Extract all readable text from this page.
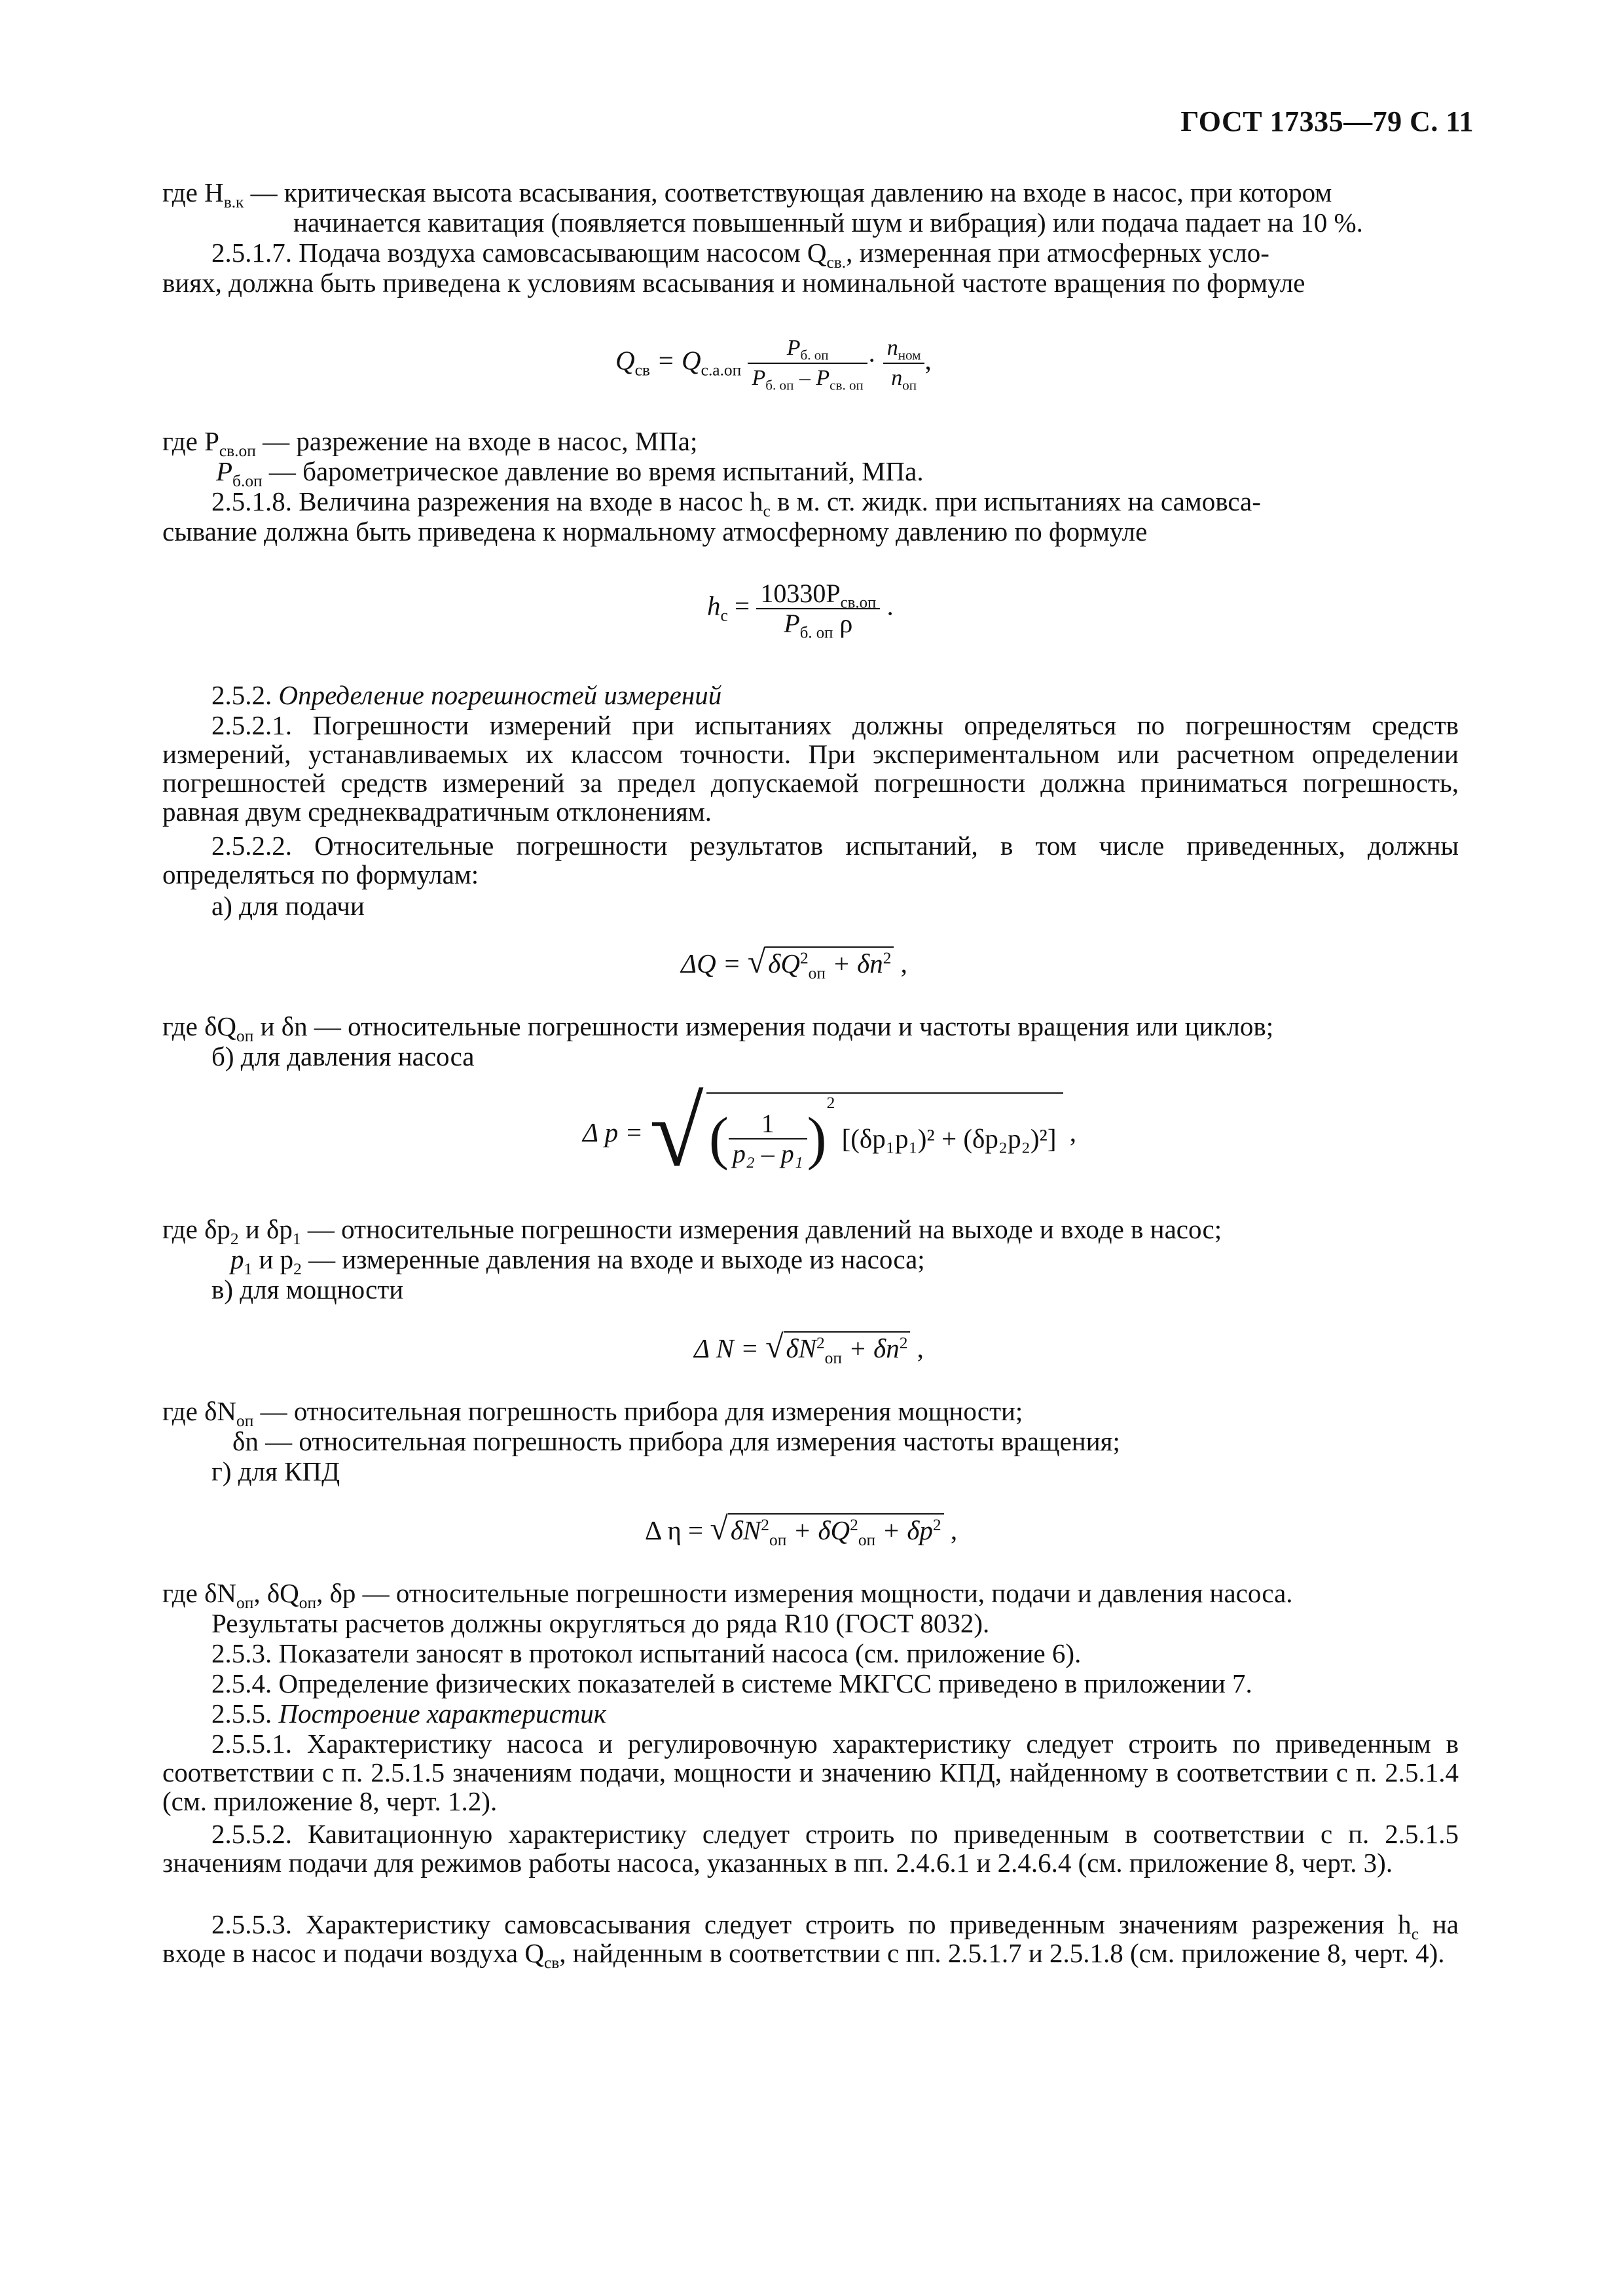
ГОСТ 17335—79 С. 11
где $H_{в.к}$ — критическая высота всасывания, соответствующая давлению на входе в насос, при котором
начинается кавитация (появляется повышенный шум и вибрация) или подача падает на 10 %.
2.5.1.7. Подача воздуха самовсасывающим насосом $Q_{св.}$, измеренная при атмосферных усло-
виях, должна быть приведена к условиям всасывания и номинальной частоте вращения по формуле
$Q_{св} = Q_{с.а.оп} \frac{P_{б. оп}}{P_{б. оп} - P_{св. оп}} \cdot \frac{n_{ном}}{n_{оп}}$ ,
где $P_{св.оп}$ — разрежение на входе в насос, МПа;
$P_{б.оп}$ — барометрическое давление во время испытаний, МПа.
2.5.1.8. Величина разрежения на входе в насос $h_с$ в м. ст. жидк. при испытаниях на самовса-
сывание должна быть приведена к нормальному атмосферному давлению по формуле
$h_с = \frac{10330P_{св.оп}}{P_{б. оп} \rho}$ .
2.5.2. Определение погрешностей измерений
2.5.2.1. Погрешности измерений при испытаниях должны определяться по погрешностям средств измерений, устанавливаемых их классом точности. При экспериментальном или расчетном определении погрешностей средств измерений за предел допускаемой погрешности должна приниматься погрешность, равная двум среднеквадратичным отклонениям.
2.5.2.2. Относительные погрешности результатов испытаний, в том числе приведенных, должны определяться по формулам:
а) для подачи
$\Delta Q = √\delta Q^2_{оп} + \delta n^2$ ,
где $\delta Q_{оп}$ и δn — относительные погрешности измерения подачи и частоты вращения или циклов;
б) для давления насоса
Δ p = √ ( $\frac{1}{\text{p₂ – p₁}} )^2$ [(δp₁p₁)² + (δp₂p₂)²] ,
где $\delta p_2$ и $\delta p_1$ — относительные погрешности измерения давлений на выходе и входе в насос;
$p_1$ и $p_2$ — измеренные давления на входе и выходе из насоса;
в) для мощности
Δ $N = √\delta N^2_{оп} + \delta n^2$ ,
где $\delta N_{оп}$ — относительная погрешность прибора для измерения мощности;
δn — относительная погрешность прибора для измерения частоты вращения;
г) для КПД
Δ $\eta = √\delta N^2_{оп} + \delta Q^2_{оп} + \delta p^2$ ,
где $\delta N_{оп}$, $\delta Q_{оп}$, δp — относительные погрешности измерения мощности, подачи и давления насоса.
Результаты расчетов должны округляться до ряда R10 (ГОСТ 8032).
2.5.3. Показатели заносят в протокол испытаний насоса (см. приложение 6).
2.5.4. Определение физических показателей в системе МКГСС приведено в приложении 7.
2.5.5. Построение характеристик
2.5.5.1. Характеристику насоса и регулировочную характеристику следует строить по приведенным в соответствии с п. 2.5.1.5 значениям подачи, мощности и значению КПД, найденному в соответствии с п. 2.5.1.4 (см. приложение 8, черт. 1.2).
2.5.5.2. Кавитационную характеристику следует строить по приведенным в соответствии с п. 2.5.1.5 значениям подачи для режимов работы насоса, указанных в пп. 2.4.6.1 и 2.4.6.4 (см. приложение 8, черт. 3).
2.5.5.3. Характеристику самовсасывания следует строить по приведенным значениям разрежения $h_с$ на входе в насос и подачи воздуха $Q_{св}$, найденным в соответствии с пп. 2.5.1.7 и 2.5.1.8 (см. приложение 8, черт. 4).
